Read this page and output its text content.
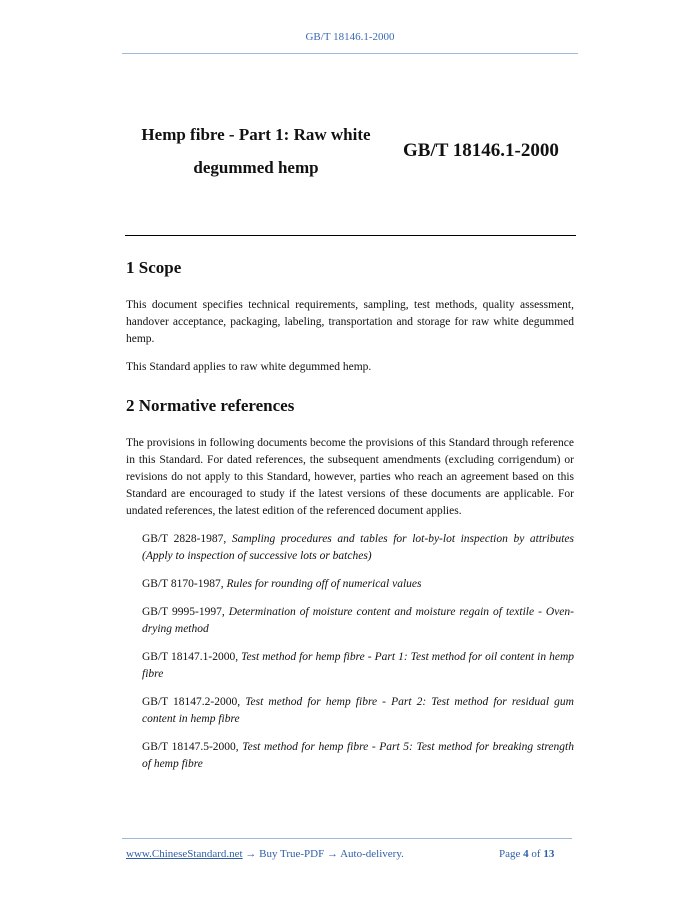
GB/T 18146.1-2000
Hemp fibre - Part 1: Raw white
degummed hemp
GB/T 18146.1-2000
1 Scope

This document specifies technical requirements, sampling, test methods, quality assessment, handover acceptance, packaging, labeling, transportation and storage for raw white degummed hemp.

This Standard applies to raw white degummed hemp.

2 Normative references

The provisions in following documents become the provisions of this Standard through reference in this Standard. For dated references, the subsequent amendments (excluding corrigendum) or revisions do not apply to this Standard, however, parties who reach an agreement based on this Standard are encouraged to study if the latest versions of these documents are applicable. For undated references, the latest edition of the referenced document applies.

GB/T 2828-1987, Sampling procedures and tables for lot-by-lot inspection by attributes (Apply to inspection of successive lots or batches)
GB/T 8170-1987, Rules for rounding off of numerical values
GB/T 9995-1997, Determination of moisture content and moisture regain of textile - Oven-drying method
GB/T 18147.1-2000, Test method for hemp fibre - Part 1: Test method for oil content in hemp fibre
GB/T 18147.2-2000, Test method for hemp fibre - Part 2: Test method for residual gum content in hemp fibre
GB/T 18147.5-2000, Test method for hemp fibre - Part 5: Test method for breaking strength of hemp fibre
www.ChineseStandard.net → Buy True-PDF → Auto-delivery.	Page 4 of 13
